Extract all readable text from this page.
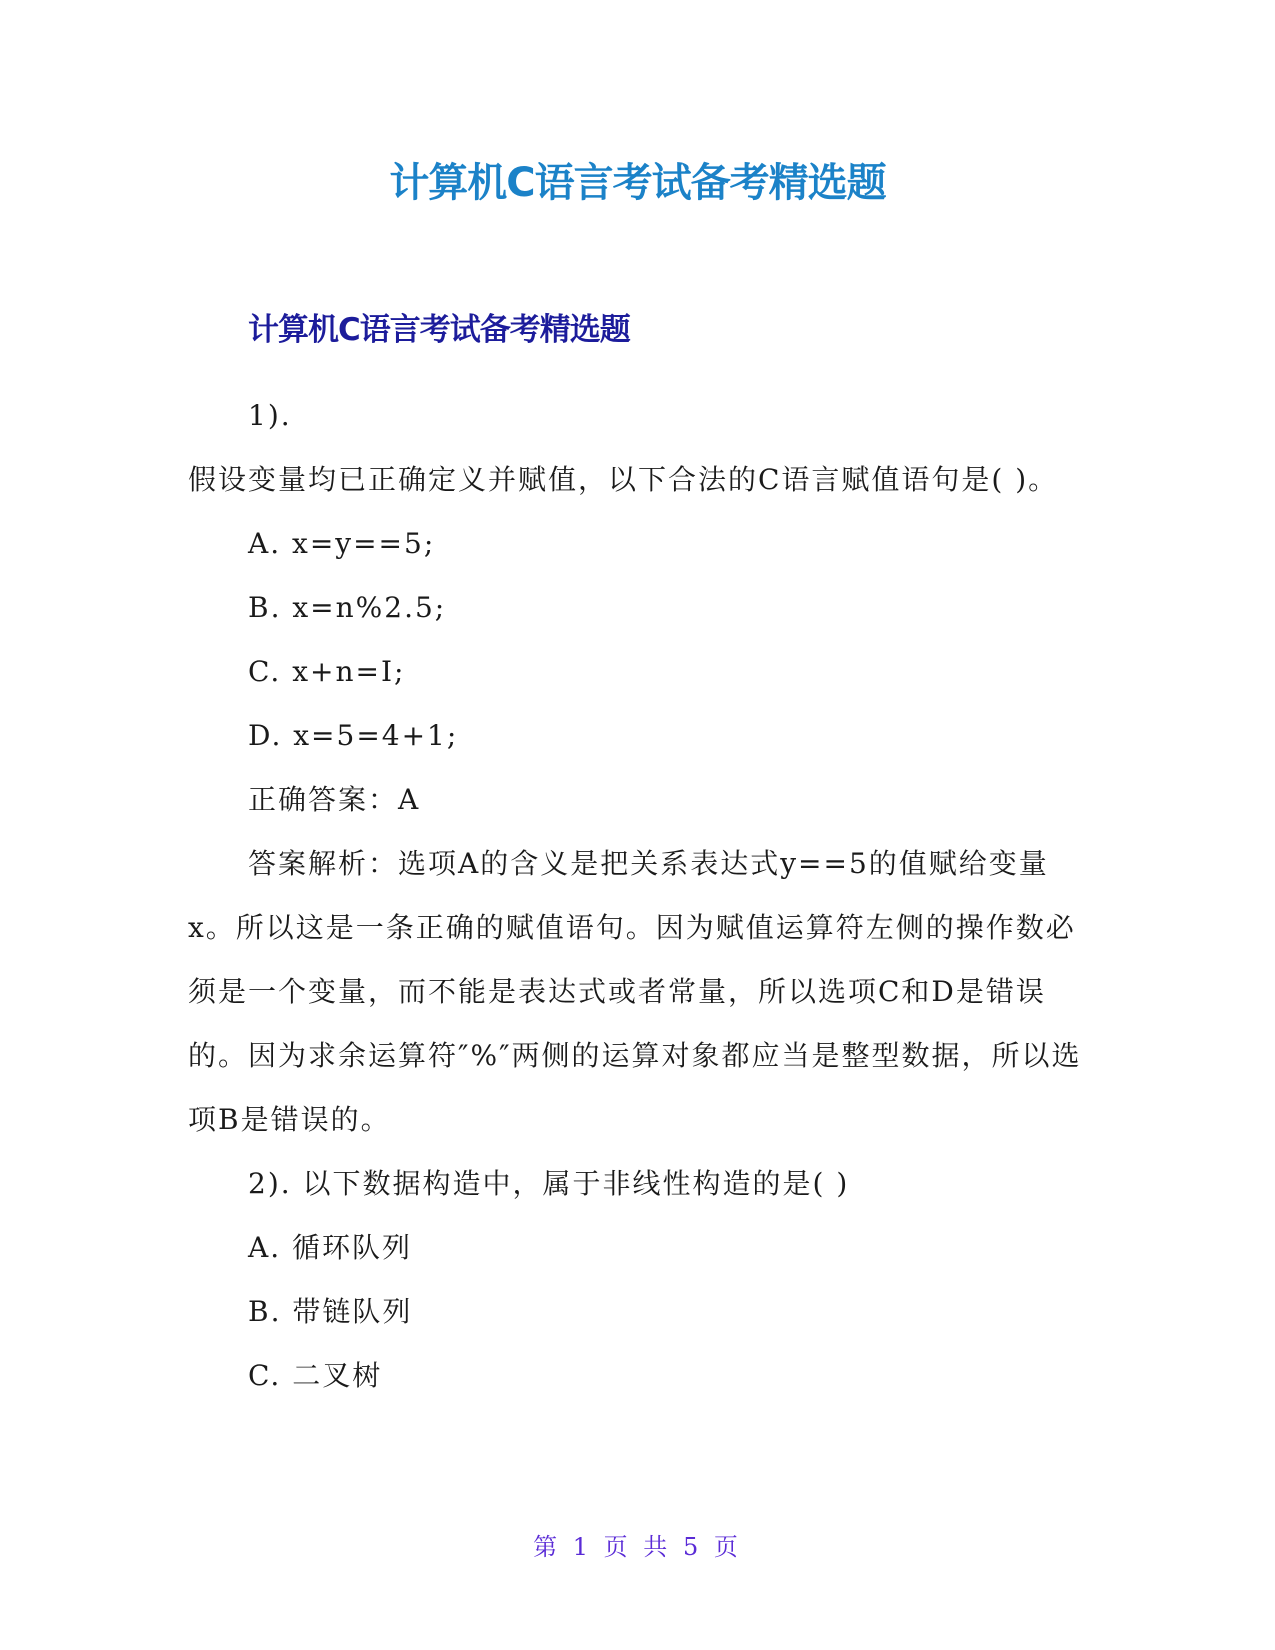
计算机C语言考试备考精选题
计算机C语言考试备考精选题

1).

假设变量均已正确定义并赋值，以下合法的C语言赋值语句是( )。

A. x=y==5;

B. x=n%2.5;

C. x+n=I;

D. x=5=4+1;

正确答案：A

答案解析：选项A的含义是把关系表达式y==5的值赋给变量x。所以这是一条正确的赋值语句。因为赋值运算符左侧的操作数必须是一个变量，而不能是表达式或者常量，所以选项C和D是错误的。因为求余运算符″%″两侧的运算对象都应当是整型数据，所以选项B是错误的。

2). 以下数据构造中，属于非线性构造的是( )

A. 循环队列

B. 带链队列

C. 二叉树

第 1 页 共 5 页
